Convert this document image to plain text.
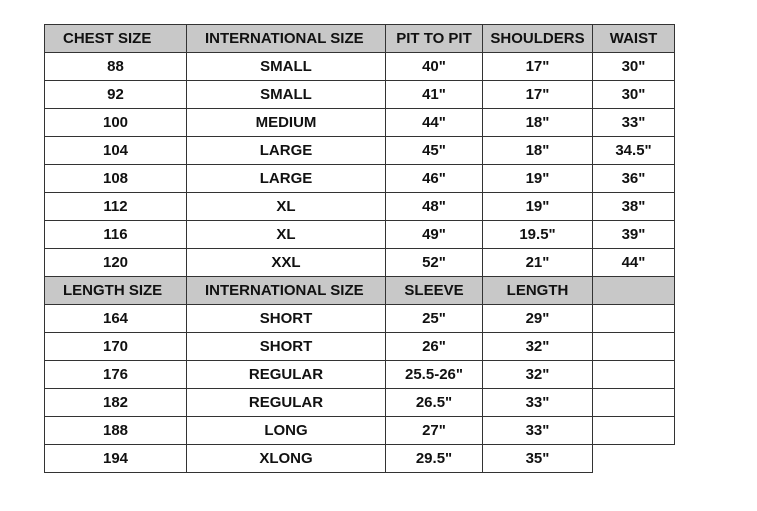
CHEST SIZE	INTERNATIONAL SIZE	PIT TO PIT	SHOULDERS	WAIST
88	SMALL	40"	17"	30"
92	SMALL	41"	17"	30"
100	MEDIUM	44"	18"	33"
104	LARGE	45"	18"	34.5"
108	LARGE	46"	19"	36"
112	XL	48"	19"	38"
116	XL	49"	19.5"	39"
120	XXL	52"	21"	44"
LENGTH SIZE	INTERNATIONAL SIZE	SLEEVE	LENGTH	
164	SHORT	25"	29"	
170	SHORT	26"	32"	
176	REGULAR	25.5-26"	32"	
182	REGULAR	26.5"	33"	
188	LONG	27"	33"	
194	XLONG	29.5"	35"	
